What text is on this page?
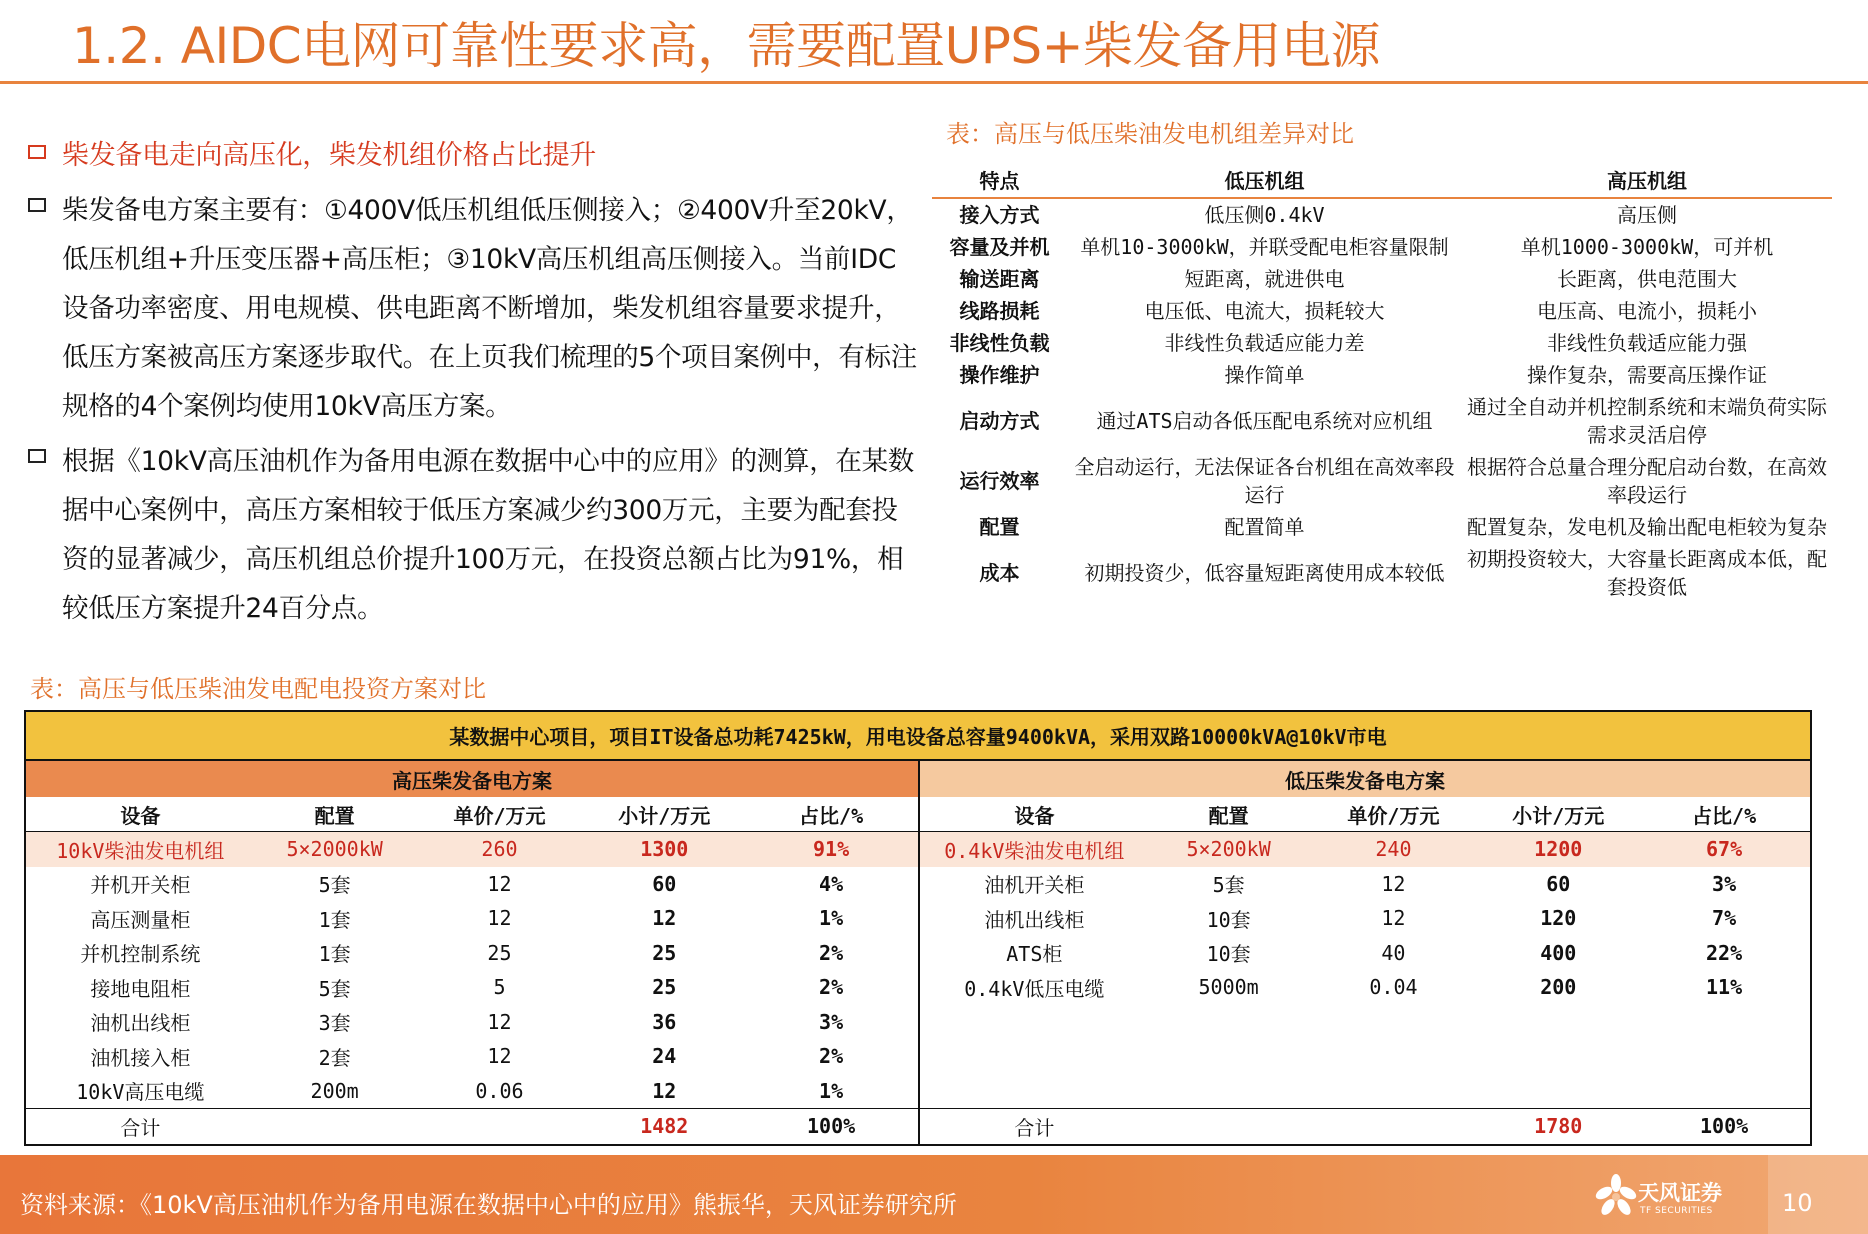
1.2. AIDC电网可靠性要求高，需要配置UPS+柴发备用电源
柴发备电走向高压化，柴发机组价格占比提升
柴发备电方案主要有：①400V低压机组低压侧接入；②400V升至20kV，低压机组+升压变压器+高压柜；③10kV高压机组高压侧接入。当前IDC设备功率密度、用电规模、供电距离不断增加，柴发机组容量要求提升，低压方案被高压方案逐步取代。在上页我们梳理的5个项目案例中，有标注规格的4个案例均使用10kV高压方案。
根据《10kV高压油机作为备用电源在数据中心中的应用》的测算，在某数据中心案例中，高压方案相较于低压方案减少约300万元，主要为配套投资的显著减少，高压机组总价提升100万元，在投资总额占比为91%，相较低压方案提升24百分点。
表：高压与低压柴油发电机组差异对比
特点	低压机组	高压机组
接入方式	低压侧0.4kV	高压侧
容量及并机	单机10-3000kW，并联受配电柜容量限制	单机1000-3000kW，可并机
输送距离	短距离，就进供电	长距离，供电范围大
线路损耗	电压低、电流大，损耗较大	电压高、电流小，损耗小
非线性负载	非线性负载适应能力差	非线性负载适应能力强
操作维护	操作简单	操作复杂，需要高压操作证
启动方式	通过ATS启动各低压配电系统对应机组	通过全自动并机控制系统和末端负荷实际需求灵活启停
运行效率	全启动运行，无法保证各台机组在高效率段运行	根据符合总量合理分配启动台数，在高效率段运行
配置	配置简单	配置复杂，发电机及输出配电柜较为复杂
成本	初期投资少，低容量短距离使用成本较低	初期投资较大，大容量长距离成本低，配套投资低
表：高压与低压柴油发电配电投资方案对比
某数据中心项目，项目IT设备总功耗7425kW，用电设备总容量9400kVA，采用双路10000kVA@10kV市电									
高压柴发备电方案					低压柴发备电方案				
设备	配置	单价/万元	小计/万元	占比/%	设备	配置	单价/万元	小计/万元	占比/%
10kV柴油发电机组	5×2000kW	260	1300	91%	0.4kV柴油发电机组	5×200kW	240	1200	67%
并机开关柜	5套	12	60	4%	油机开关柜	5套	12	60	3%
高压测量柜	1套	12	12	1%	油机出线柜	10套	12	120	7%
并机控制系统	1套	25	25	2%	ATS柜	10套	40	400	22%
接地电阻柜	5套	5	25	2%	0.4kV低压电缆	5000m	0.04	200	11%
油机出线柜	3套	12	36	3%					
油机接入柜	2套	12	24	2%					
10kV高压电缆	200m	0.06	12	1%					
合计			1482	100%	合计			1780	100%
资料来源：《10kV高压油机作为备用电源在数据中心中的应用》熊振华，天风证券研究所	天风证券
TF SECURITIES	10
